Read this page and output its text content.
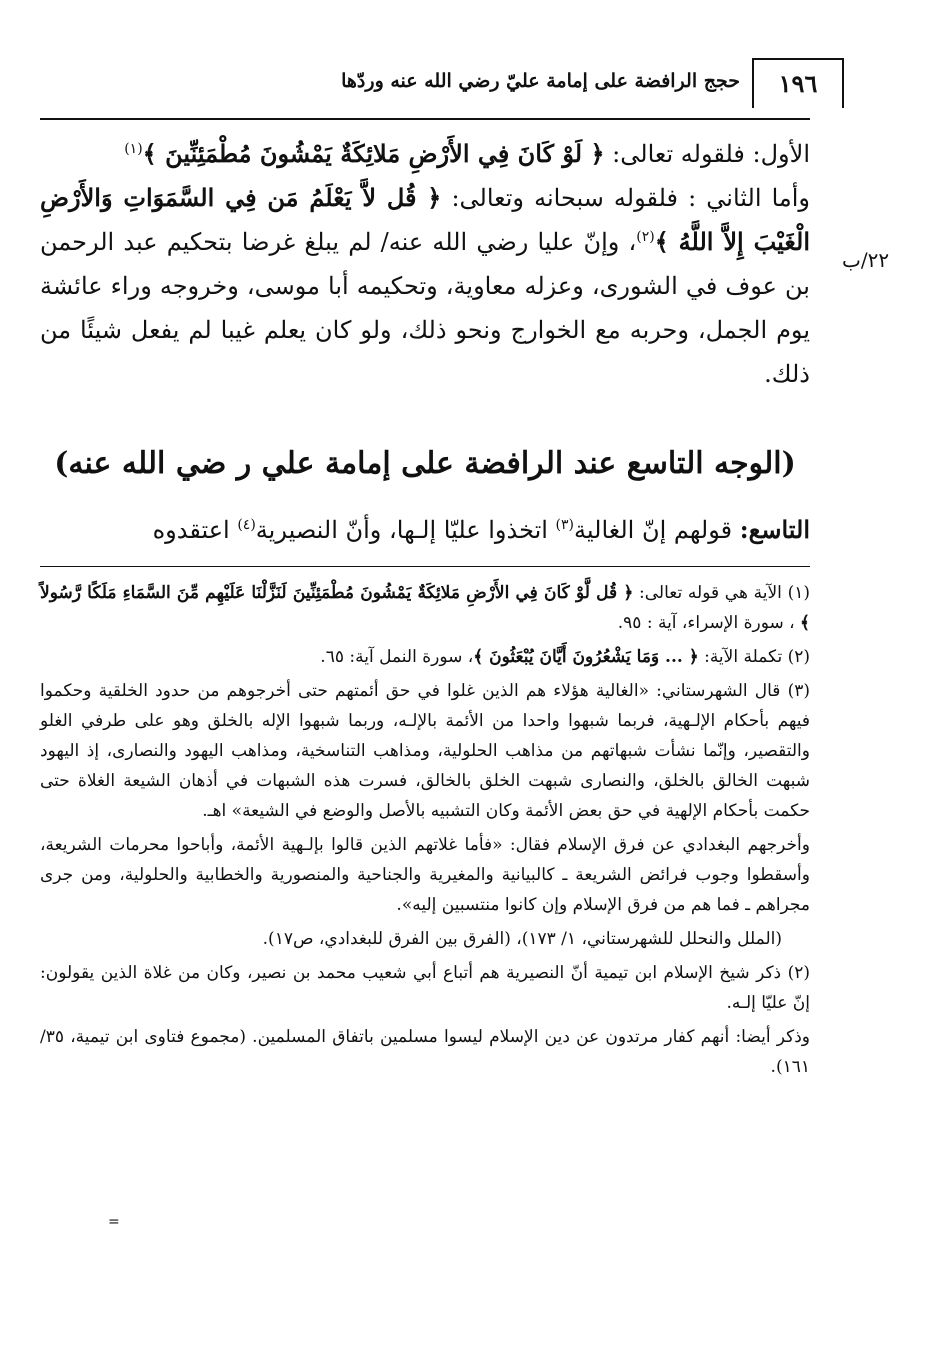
١٩٦
حجج الرافضة على إمامة عليّ رضي الله عنه وردّها
٢٢/ب

الأول: فلقوله تعالى: ﴿ لَوْ كَانَ فِي الأَرْضِ مَلائِكَةٌ يَمْشُونَ مُطْمَئِنِّينَ ﴾$^{(١)}$

وأما الثاني : فلقوله سبحانه وتعالى: ﴿ قُل لاَّ يَعْلَمُ مَن فِي السَّمَوَاتِ وَالأَرْضِ الْغَيْبَ إِلاَّ اللَّهُ ﴾$^{(٢)}$، وإنّ عليا رضي الله عنه/ لم يبلغ غرضا بتحكيم عبد الرحمن بن عوف في الشورى، وعزله معاوية، وتحكيمه أبا موسى، وخروجه وراء عائشة يوم الجمل، وحربه مع الخوارج ونحو ذلك، ولو كان يعلم غيبا لم يفعل شيئًا من ذلك.

(الوجه التاسع عند الرافضة على إمامة علي ر ضي الله عنه)
التاسع: قولهم إنّ الغالية$^{(٣)}$ اتخذوا عليّا إلـها، وأنّ النصيرية$^{(٤)}$ اعتقدوه

(١) الآية هي قوله تعالى: ﴿ قُل لَّوْ كَانَ فِي الأَرْضِ مَلائِكَةٌ يَمْشُونَ مُطْمَئِنِّينَ لَنَزَّلْنَا عَلَيْهِم مِّنَ السَّمَاءِ مَلَكًا رَّسُولاً ﴾ ، سورة الإسراء، آية : ٩٥.

(٢) تكملة الآية: ﴿ ... وَمَا يَشْعُرُونَ أَيَّانَ يُبْعَثُونَ ﴾، سورة النمل آية: ٦٥.

(٣) قال الشهرستاني: «الغالية هؤلاء هم الذين غلوا في حق أئمتهم حتى أخرجوهم من حدود الخلقية وحكموا فيهم بأحكام الإلـهية، فربما شبهوا واحدا من الأئمة بالإلـه، وربما شبهوا الإله بالخلق وهو على طرفي الغلو والتقصير، وإنّما نشأت شبهاتهم من مذاهب الحلولية، ومذاهب التناسخية، ومذاهب اليهود والنصارى، إذ اليهود شبهت الخالق بالخلق، والنصارى شبهت الخلق بالخالق، فسرت هذه الشبهات في أذهان الشيعة الغلاة حتى حكمت بأحكام الإلهية في حق بعض الأئمة وكان التشبيه بالأصل والوضع في الشيعة» اهـ.

وأخرجهم البغدادي عن فرق الإسلام فقال: «فأما غلاتهم الذين قالوا بإلـهية الأئمة، وأباحوا محرمات الشريعة، وأسقطوا وجوب فرائض الشريعة ـ كالبيانية والمغيرية والجناحية والمنصورية والخطابية والحلولية، ومن جرى مجراهم ـ فما هم من فرق الإسلام وإن كانوا منتسبين إليه».

(الملل والنحلل للشهرستاني، ١/ ١٧٣)، (الفرق بين الفرق للبغدادي، ص١٧).

(٢) ذكر شيخ الإسلام ابن تيمية أنّ النصيرية هم أتباع أبي شعيب محمد بن نصير، وكان من غلاة الذين يقولون: إنّ عليّا إلـه.

وذكر أيضا: أنهم كفار مرتدون عن دين الإسلام ليسوا مسلمين باتفاق المسلمين. (مجموع فتاوى ابن تيمية، ٣٥/ ١٦١).

=
